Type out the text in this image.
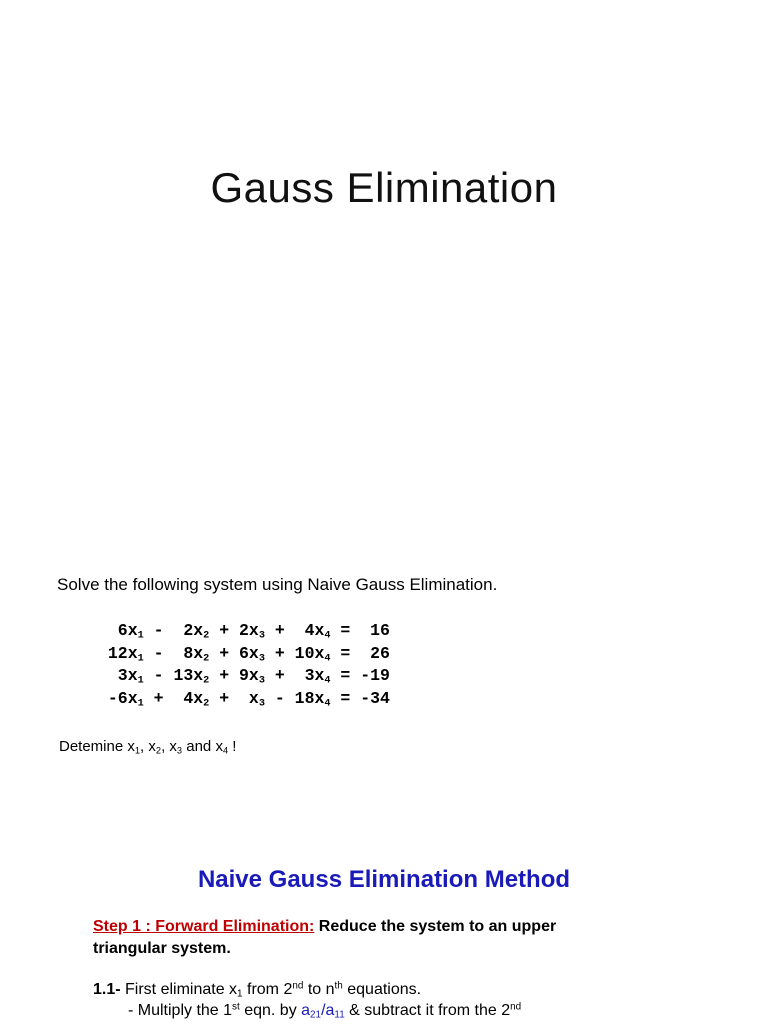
Gauss Elimination
Solve the following system using Naive Gauss Elimination.
$6x_1 - 2x_2 + 2x_3 + 4x_4 = 16$
$12x_1 - 8x_2 + 6x_3 + 10x_4 = 26$
$3x_1 - 13x_2 + 9x_3 + 3x_4 = -19$
$-6x_1 + 4x_2 + x_3 - 18x_4 = -34$
Detemine $x_1$, $x_2$, $x_3$ and $x_4$ !
Naive Gauss Elimination Method
Step 1 : Forward Elimination: Reduce the system to an upper
triangular system.
1.1- First eliminate $x_1$ from 2nd to $n^{th}$ equations.
- Multiply the 1st eqn. by $a_{21}/a_{11}$ & subtract it from the 2nd
